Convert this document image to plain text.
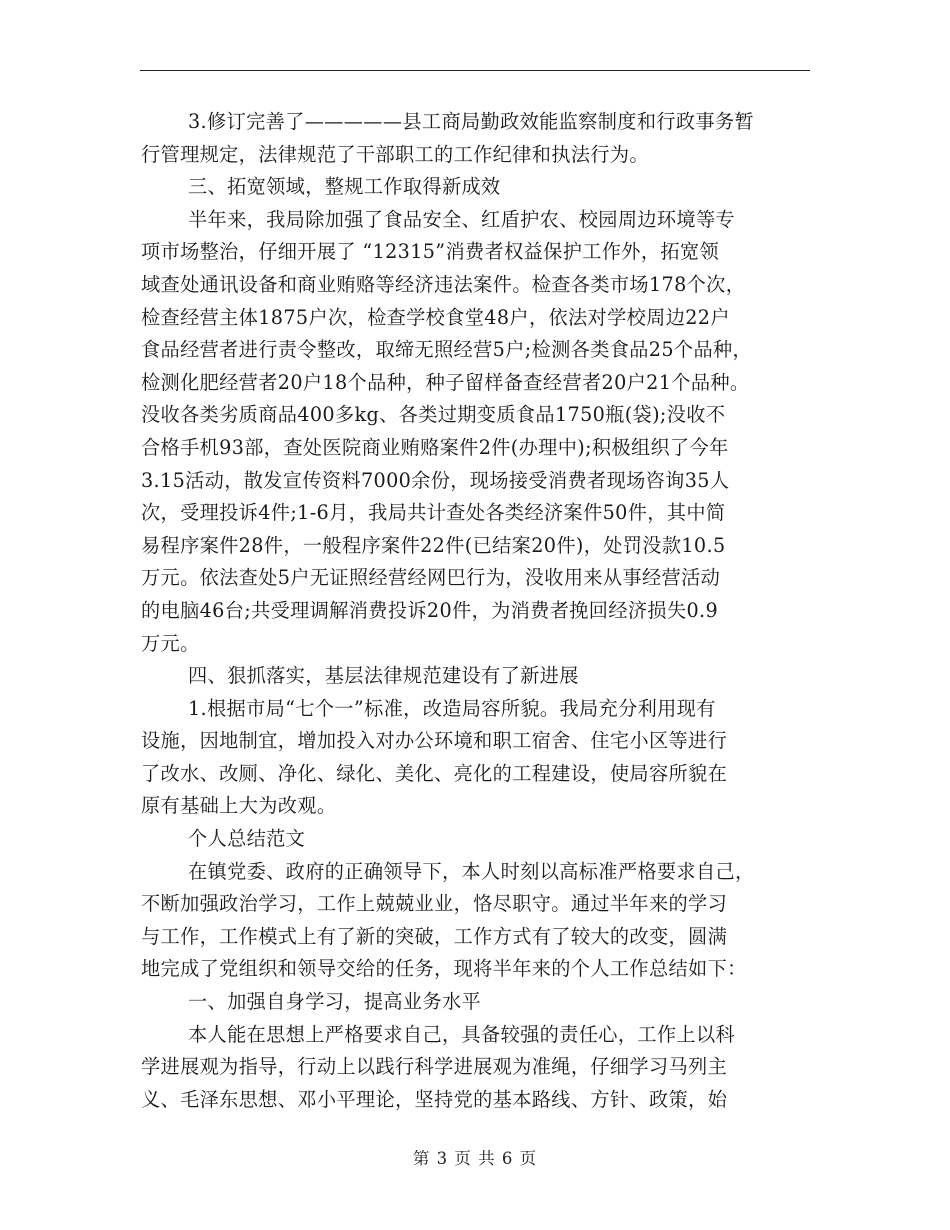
3.修订完善了—————县工商局勤政效能监察制度和行政事务暂
行管理规定，法律规范了干部职工的工作纪律和执法行为。
三、拓宽领域，整规工作取得新成效
半年来，我局除加强了食品安全、红盾护农、校园周边环境等专
项市场整治，仔细开展了 “12315”消费者权益保护工作外，拓宽领
域查处通讯设备和商业贿赂等经济违法案件。检查各类市场178个次，
检查经营主体1875户次，检查学校食堂48户，依法对学校周边22户
食品经营者进行责令整改，取缔无照经营5户;检测各类食品25个品种，
检测化肥经营者20户18个品种，种子留样备查经营者20户21个品种。
没收各类劣质商品400多kg、各类过期变质食品1750瓶(袋);没收不
合格手机93部，查处医院商业贿赂案件2件(办理中);积极组织了今年
3.15活动，散发宣传资料7000余份，现场接受消费者现场咨询35人
次，受理投诉4件;1-6月，我局共计查处各类经济案件50件，其中简
易程序案件28件，一般程序案件22件(已结案20件)，处罚没款10.5
万元。依法查处5户无证照经营经网巴行为，没收用来从事经营活动
的电脑46台;共受理调解消费投诉20件，为消费者挽回经济损失0.9
万元。
四、狠抓落实，基层法律规范建设有了新进展
1.根据市局“七个一”标准，改造局容所貌。我局充分利用现有
设施，因地制宜，增加投入对办公环境和职工宿舍、住宅小区等进行
了改水、改厕、净化、绿化、美化、亮化的工程建设，使局容所貌在
原有基础上大为改观。
个人总结范文
在镇党委、政府的正确领导下，本人时刻以高标准严格要求自己，
不断加强政治学习，工作上兢兢业业，恪尽职守。通过半年来的学习
与工作，工作模式上有了新的突破，工作方式有了较大的改变，圆满
地完成了党组织和领导交给的任务，现将半年来的个人工作总结如下：
一、加强自身学习，提高业务水平
本人能在思想上严格要求自己，具备较强的责任心，工作上以科
学进展观为指导，行动上以践行科学进展观为准绳，仔细学习马列主
义、毛泽东思想、邓小平理论，坚持党的基本路线、方针、政策，始
第 3 页 共 6 页
